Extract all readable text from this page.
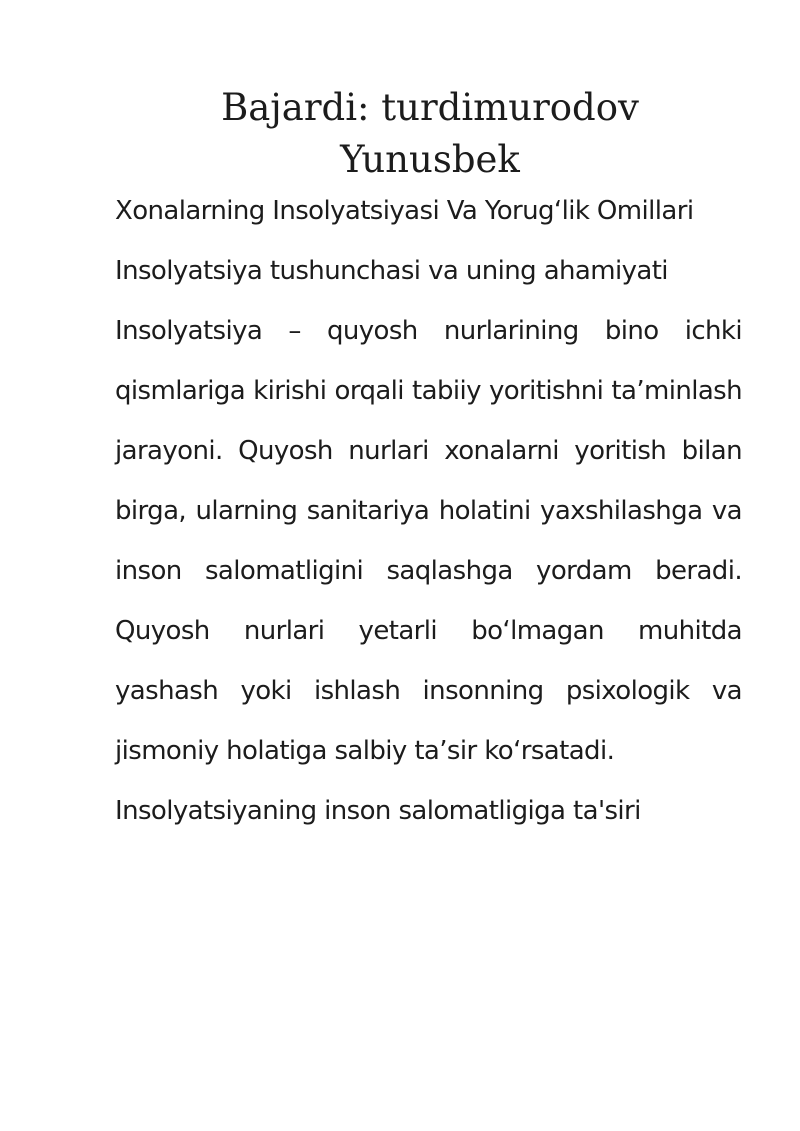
Bajardi: turdimurodov Yunusbek

Xonalarning Insolyatsiyasi Va Yorug‘lik Omillari

Insolyatsiya tushunchasi va uning ahamiyati

Insolyatsiya – quyosh nurlarining bino ichki qismlariga kirishi orqali tabiiy yoritishni ta’minlash jarayoni. Quyosh nurlari xonalarni yoritish bilan birga, ularning sanitariya holatini yaxshilashga va inson salomatligini saqlashga yordam beradi. Quyosh nurlari yetarli bo‘lmagan muhitda yashash yoki ishlash insonning psixologik va jismoniy holatiga salbiy ta’sir ko‘rsatadi.

Insolyatsiyaning inson salomatligiga ta'siri
